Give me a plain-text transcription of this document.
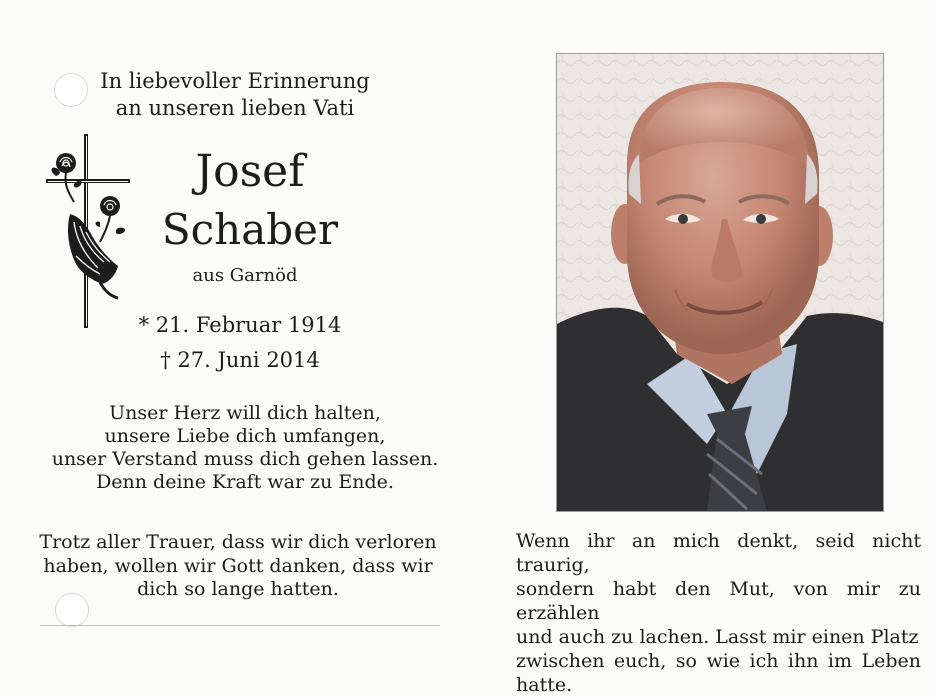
In liebevoller Erinnerung
an unseren lieben Vati
Josef
Schaber
aus Garnöd
* 21. Februar 1914
† 27. Juni 2014
Unser Herz will dich halten,
unsere Liebe dich umfangen,
unser Verstand muss dich gehen lassen.
Denn deine Kraft war zu Ende.
Trotz aller Trauer, dass wir dich verloren
haben, wollen wir Gott danken, dass wir
dich so lange hatten.
Wenn ihr an mich denkt, seid nicht traurig,
sondern habt den Mut, von mir zu erzählen
und auch zu lachen. Lasst mir einen Platz
zwischen euch, so wie ich ihn im Leben hatte.
